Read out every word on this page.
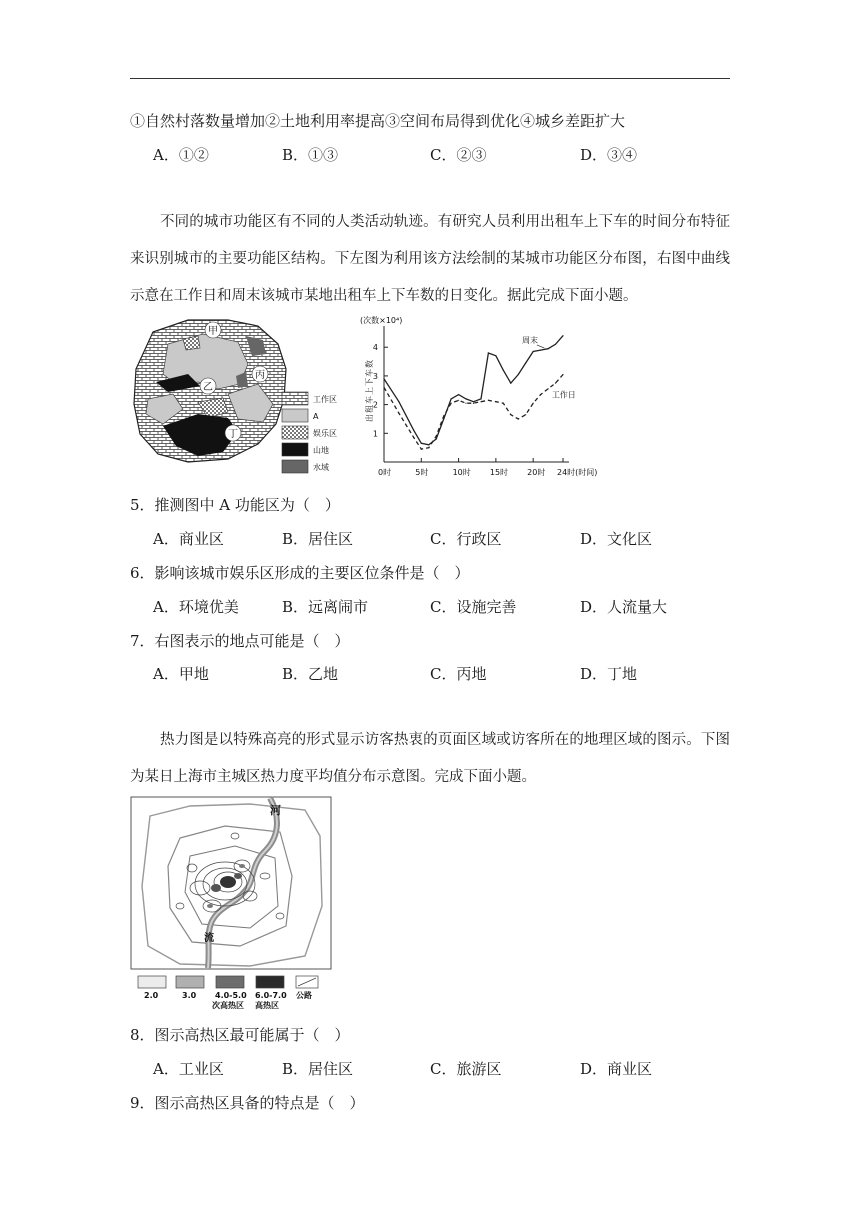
①自然村落数量增加②土地利用率提高③空间布局得到优化④城乡差距扩大
A．①②	B．①③	C．②③	D．③④
不同的城市功能区有不同的人类活动轨迹。有研究人员利用出租车上下车的时间分布特征来识别城市的主要功能区结构。下左图为利用该方法绘制的某城市功能区分布图，右图中曲线示意在工作日和周末该城市某地出租车上下车数的日变化。据此完成下面小题。
甲
乙
丙
丁
工作区
A
娱乐区
山地
水域
(次数×10⁴)
出租车上下车数
1
2
3
4
0时	5时	10时 15时 20时 24时(时间)
周末
工作日
5．推测图中 A 功能区为（　）
A．商业区	B．居住区	C．行政区	D．文化区
6．影响该城市娱乐区形成的主要区位条件是（　）
A．环境优美	B．远离闹市	C．设施完善	D．人流量大
7．右图表示的地点可能是（　）
A．甲地	B．乙地	C．丙地	D．丁地
热力图是以特殊高亮的形式显示访客热衷的页面区域或访客所在的地理区域的图示。下图为某日上海市主城区热力度平均值分布示意图。完成下面小题。
河
流
2.0	3.0 4.0-5.0 6.0-7.0 公路
次高热区 高热区
8．图示高热区最可能属于（　）
A．工业区	B．居住区	C．旅游区	D．商业区
9．图示高热区具备的特点是（　）
